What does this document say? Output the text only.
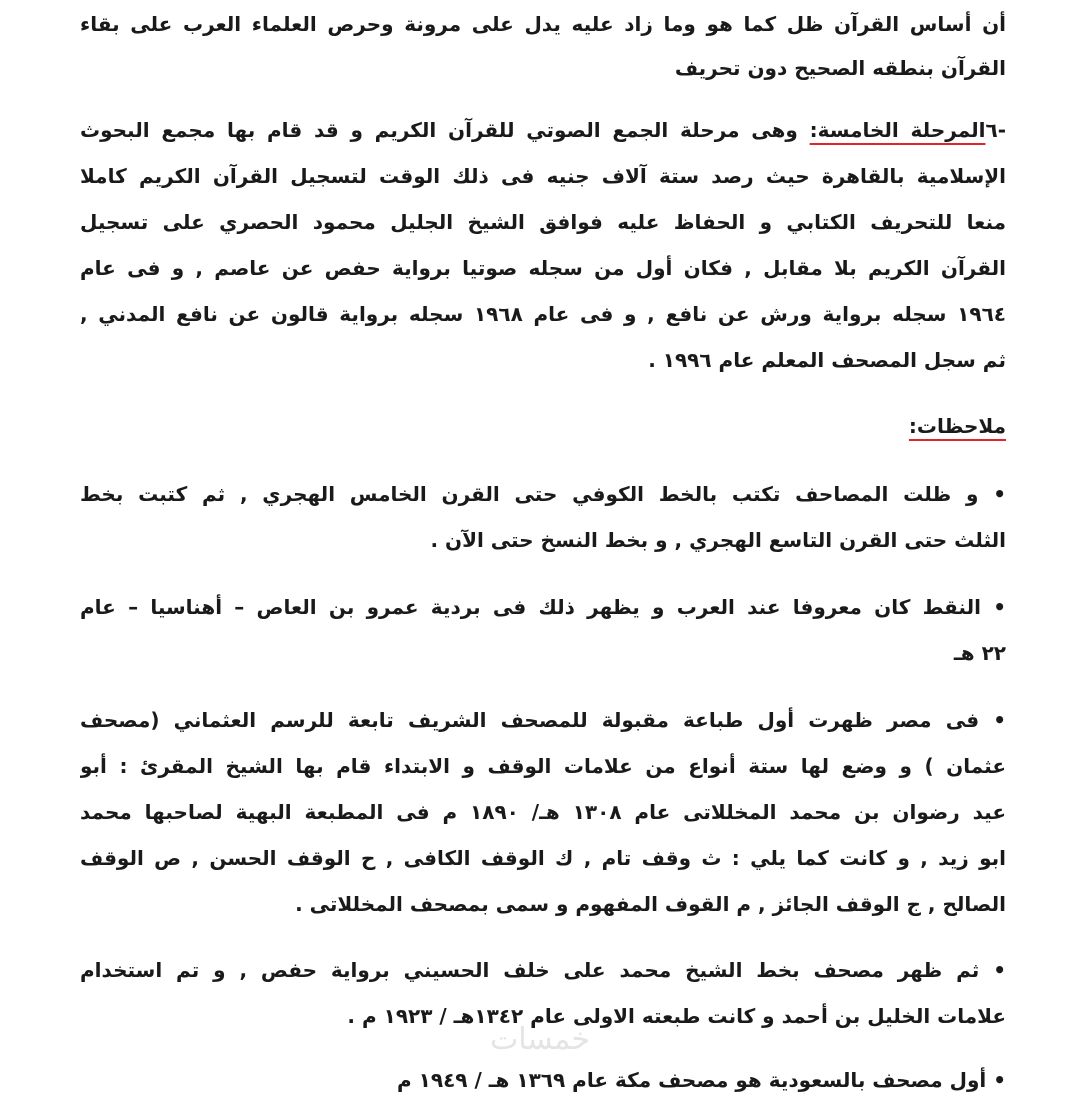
أن أساس القرآن ظل كما هو وما زاد عليه يدل على مرونة وحرص العلماء العرب على بقاء
القرآن بنطقه الصحيح دون تحريف
-٦المرحلة الخامسة: وهى مرحلة الجمع الصوتي للقرآن الكريم و قد قام بها مجمع البحوث
الإسلامية بالقاهرة حيث رصد ستة آلاف جنيه فى ذلك الوقت لتسجيل القرآن الكريم كاملا
منعا للتحريف الكتابي و الحفاظ عليه فوافق الشيخ الجليل محمود الحصري على تسجيل
القرآن الكريم بلا مقابل , فكان أول من سجله صوتيا برواية حفص عن عاصم , و فى عام
١٩٦٤ سجله برواية ورش عن نافع , و فى عام ١٩٦٨ سجله برواية قالون عن نافع المدني ,
ثم سجل المصحف المعلم عام ١٩٩٦ .
ملاحظات:
• و ظلت المصاحف تكتب بالخط الكوفي حتى القرن الخامس الهجري , ثم كتبت بخط
الثلث حتى القرن التاسع الهجري , و بخط النسخ حتى الآن .
• النقط كان معروفا عند العرب و يظهر ذلك فى بردية عمرو بن العاص – أهناسيا – عام
٢٢ هـ
• فى مصر ظهرت أول طباعة مقبولة للمصحف الشريف تابعة للرسم العثماني (مصحف
عثمان ) و وضع لها ستة أنواع من علامات الوقف و الابتداء قام بها الشيخ المقرئ : أبو
عيد رضوان بن محمد المخللاتى عام ١٣٠٨ هـ/ ١٨٩٠ م فى المطبعة البهية لصاحبها محمد
ابو زيد , و كانت كما يلي : ث وقف تام , ك الوقف الكافى , ح الوقف الحسن , ص الوقف
الصالح , ج الوقف الجائز , م القوف المفهوم و سمى بمصحف المخللاتى .
• ثم ظهر مصحف بخط الشيخ محمد على خلف الحسيني برواية حفص , و تم استخدام
علامات الخليل بن أحمد و كانت طبعته الاولى عام ١٣٤٢هـ / ١٩٢٣ م .
• أول مصحف بالسعودية هو مصحف مكة عام ١٣٦٩ هـ / ١٩٤٩ م
خمسات
